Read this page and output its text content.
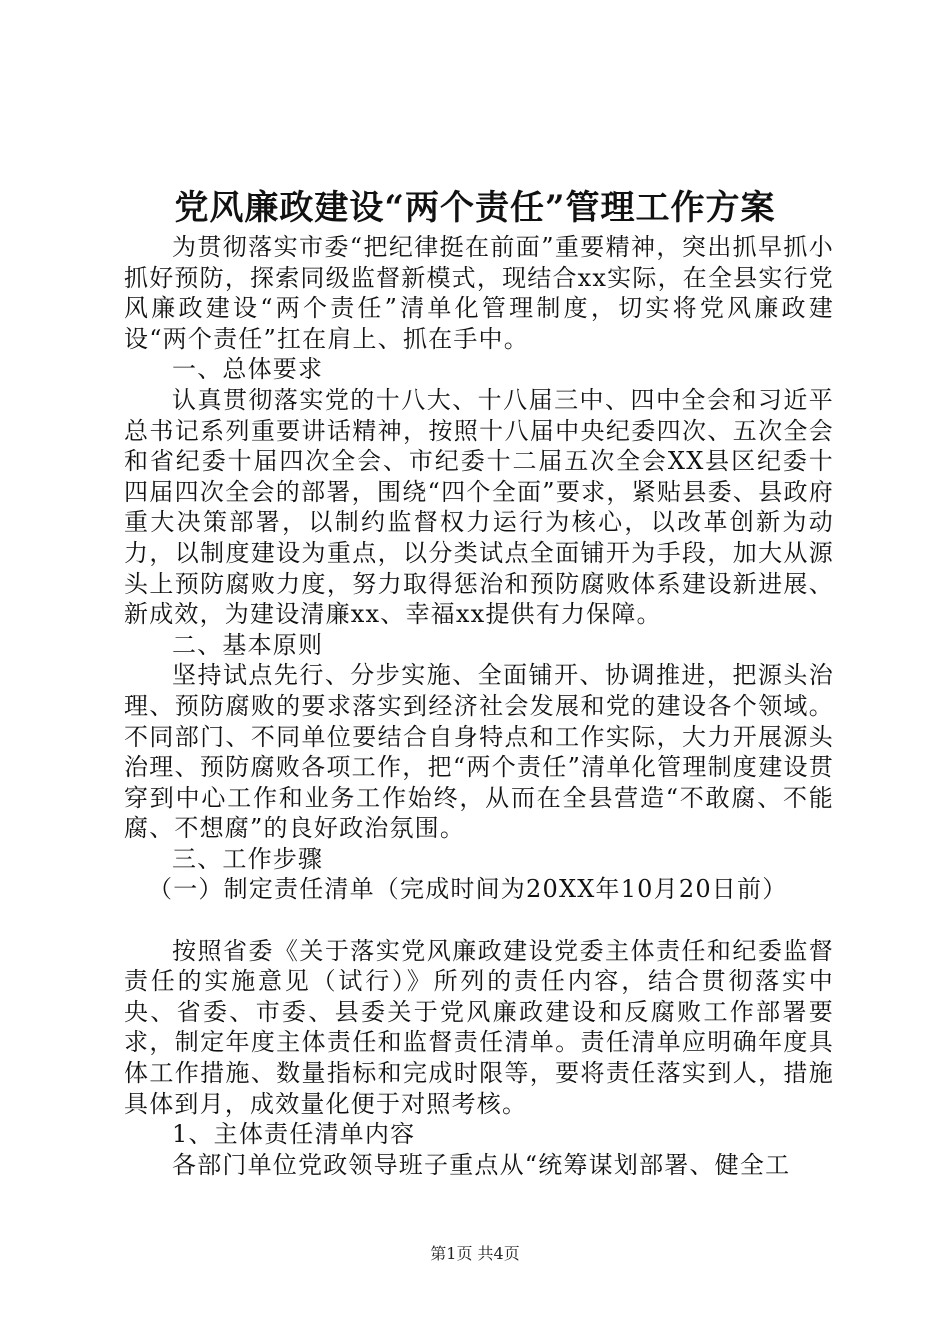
党风廉政建设“两个责任”管理工作方案

为贯彻落实市委“把纪律挺在前面”重要精神，突出抓早抓小抓好预防，探索同级监督新模式，现结合xx实际，在全县实行党风廉政建设“两个责任”清单化管理制度，切实将党风廉政建设“两个责任”扛在肩上、抓在手中。

一、总体要求

认真贯彻落实党的十八大、十八届三中、四中全会和习近平总书记系列重要讲话精神，按照十八届中央纪委四次、五次全会和省纪委十届四次全会、市纪委十二届五次全会XX县区纪委十四届四次全会的部署，围绕“四个全面”要求，紧贴县委、县政府重大决策部署，以制约监督权力运行为核心，以改革创新为动力，以制度建设为重点，以分类试点全面铺开为手段，加大从源头上预防腐败力度，努力取得惩治和预防腐败体系建设新进展、新成效，为建设清廉xx、幸福xx提供有力保障。

二、基本原则

坚持试点先行、分步实施、全面铺开、协调推进，把源头治理、预防腐败的要求落实到经济社会发展和党的建设各个领域。不同部门、不同单位要结合自身特点和工作实际，大力开展源头治理、预防腐败各项工作，把“两个责任”清单化管理制度建设贯穿到中心工作和业务工作始终，从而在全县营造“不敢腐、不能腐、不想腐”的良好政治氛围。

三、工作步骤

（一）制定责任清单（完成时间为20XX年10月20日前）

按照省委《关于落实党风廉政建设党委主体责任和纪委监督责任的实施意见（试行）》所列的责任内容，结合贯彻落实中央、省委、市委、县委关于党风廉政建设和反腐败工作部署要求，制定年度主体责任和监督责任清单。责任清单应明确年度具体工作措施、数量指标和完成时限等，要将责任落实到人，措施具体到月，成效量化便于对照考核。

1、主体责任清单内容

各部门单位党政领导班子重点从“统筹谋划部署、健全工

第1页 共4页
